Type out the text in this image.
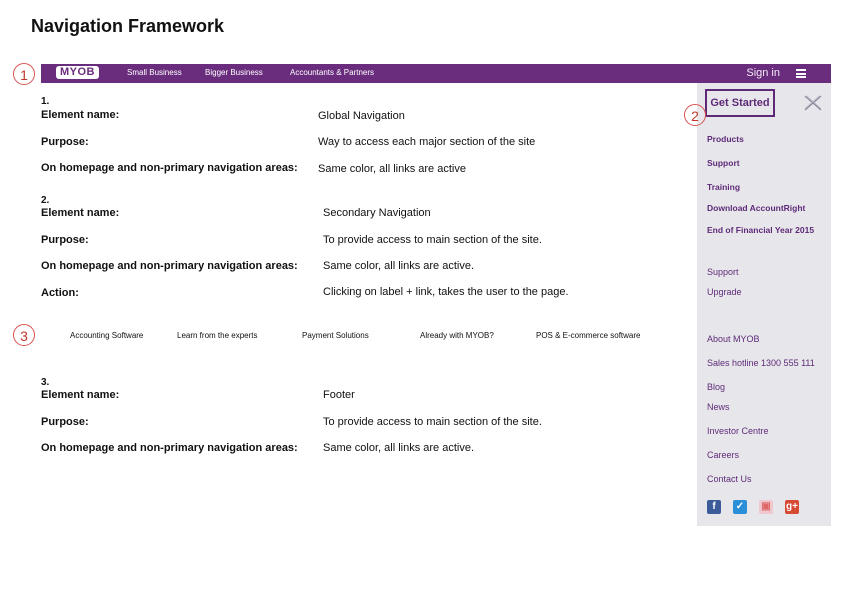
Navigation Framework
1	MYOB	Small Business	Bigger Business	Accountants & Partners	Sign in
Get Started
Products
Support
Training
Download AccountRight
End of Financial Year 2015
Support
Upgrade
About MYOB
Sales hotline 1300 555 111
Blog
News
Investor Centre
Careers
Contact Us
f	✓ ▣ g+
2
1.
Element name:	Global Navigation
Purpose:	Way to access each major section of the site
On homepage and non-primary navigation areas: Same color, all links are active
2.
Element name:	Secondary Navigation
Purpose:	To provide access to main section of the site.
On homepage and non-primary navigation areas: Same color, all links are active.
Action:	Clicking on label + link, takes the user to the page.
3	Accounting Software	Learn from the experts	Payment Solutions	Already with MYOB?	POS & E-commerce software
3.
Element name:	Footer
Purpose:	To provide access to main section of the site.
On homepage and non-primary navigation areas: Same color, all links are active.
